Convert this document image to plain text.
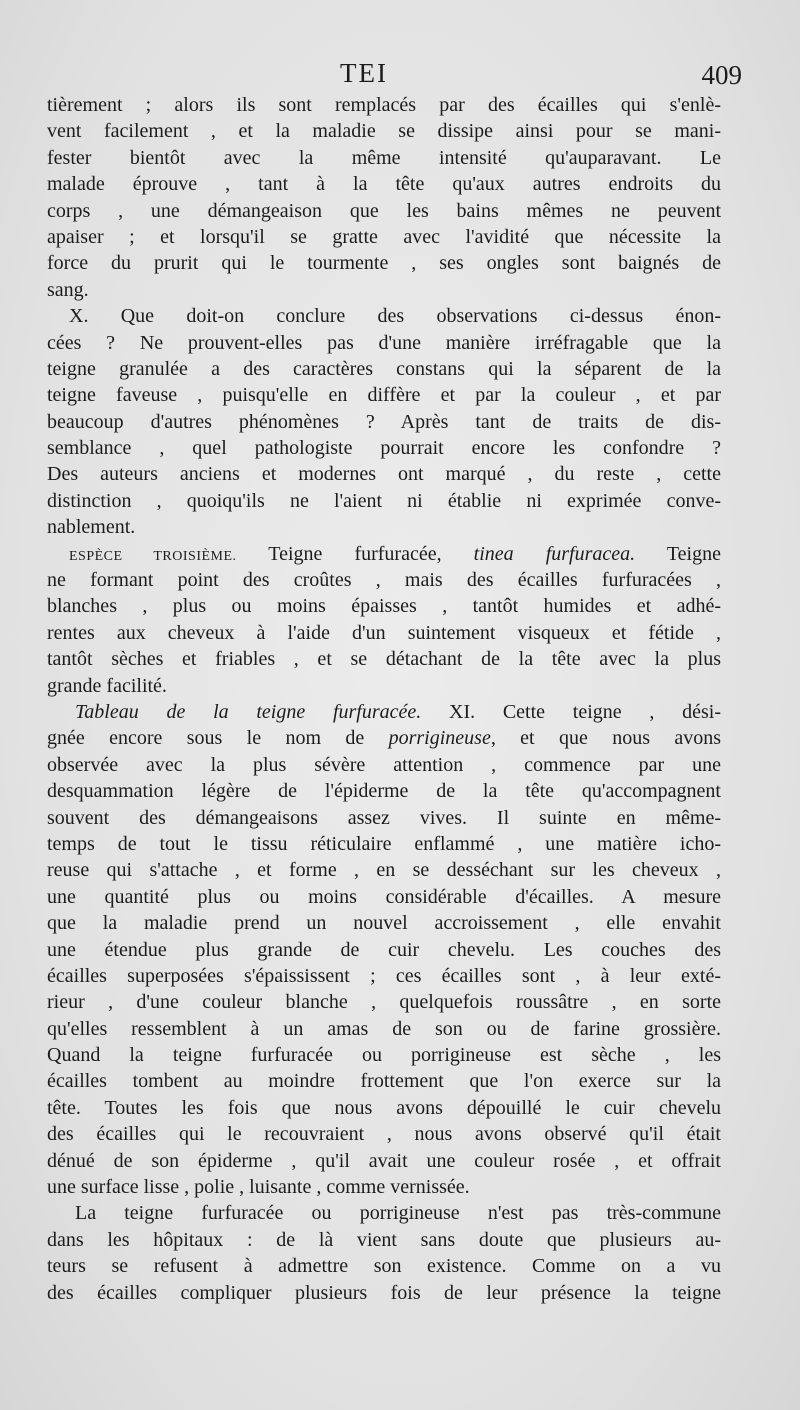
TEI	409
tièrement ; alors ils sont remplacés par des écailles qui s'enlè-
vent facilement , et la maladie se dissipe ainsi pour se mani-
fester bientôt avec la même intensité qu'auparavant. Le
malade éprouve , tant à la tête qu'aux autres endroits du
corps , une démangeaison que les bains mêmes ne peuvent
apaiser ; et lorsqu'il se gratte avec l'avidité que nécessite la
force du prurit qui le tourmente , ses ongles sont baignés de
sang.
X. Que doit-on conclure des observations ci-dessus énon-
cées ? Ne prouvent-elles pas d'une manière irréfragable que la
teigne granulée a des caractères constans qui la séparent de la
teigne faveuse , puisqu'elle en diffère et par la couleur , et par
beaucoup d'autres phénomènes ? Après tant de traits de dis-
semblance , quel pathologiste pourrait encore les confondre ?
Des auteurs anciens et modernes ont marqué , du reste , cette
distinction , quoiqu'ils ne l'aient ni établie ni exprimée conve-
nablement.
ESPÈCE TROISIÈME. Teigne furfuracée, tinea furfuracea. Teigne
ne formant point des croûtes , mais des écailles furfuracées ,
blanches , plus ou moins épaisses , tantôt humides et adhé-
rentes aux cheveux à l'aide d'un suintement visqueux et fétide ,
tantôt sèches et friables , et se détachant de la tête avec la plus
grande facilité.
Tableau de la teigne furfuracée. XI. Cette teigne , dési-
gnée encore sous le nom de porrigineuse, et que nous avons
observée avec la plus sévère attention , commence par une
desquammation légère de l'épiderme de la tête qu'accompagnent
souvent des démangeaisons assez vives. Il suinte en même-
temps de tout le tissu réticulaire enflammé , une matière icho-
reuse qui s'attache , et forme , en se desséchant sur les cheveux ,
une quantité plus ou moins considérable d'écailles. A mesure
que la maladie prend un nouvel accroissement , elle envahit
une étendue plus grande de cuir chevelu. Les couches des
écailles superposées s'épaississent ; ces écailles sont , à leur exté-
rieur , d'une couleur blanche , quelquefois roussâtre , en sorte
qu'elles ressemblent à un amas de son ou de farine grossière.
Quand la teigne furfuracée ou porrigineuse est sèche , les
écailles tombent au moindre frottement que l'on exerce sur la
tête. Toutes les fois que nous avons dépouillé le cuir chevelu
des écailles qui le recouvraient , nous avons observé qu'il était
dénué de son épiderme , qu'il avait une couleur rosée , et offrait
une surface lisse , polie , luisante , comme vernissée.
La teigne furfuracée ou porrigineuse n'est pas très-commune
dans les hôpitaux : de là vient sans doute que plusieurs au-
teurs se refusent à admettre son existence. Comme on a vu
des écailles compliquer plusieurs fois de leur présence la teigne
